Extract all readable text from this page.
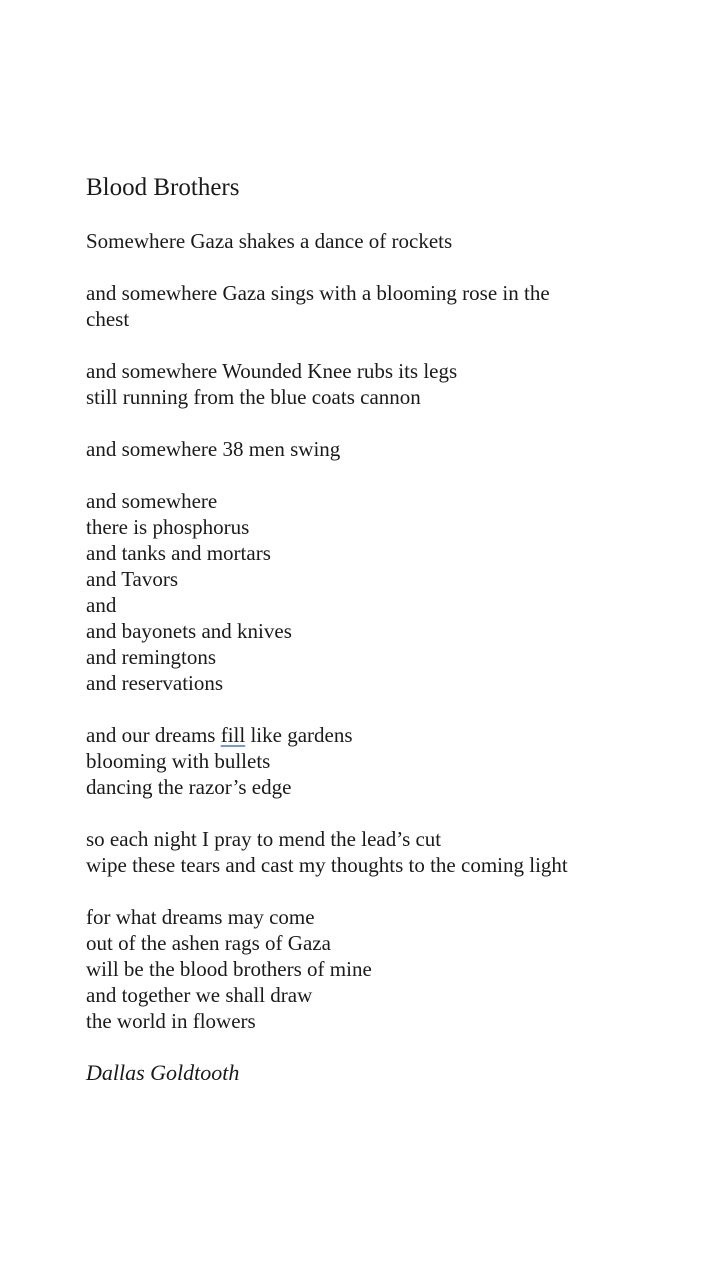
Blood Brothers
Somewhere Gaza shakes a dance of rockets
and somewhere Gaza sings with a blooming rose in the chest
and somewhere Wounded Knee rubs its legs
still running from the blue coats cannon
and somewhere 38 men swing
and somewhere
there is phosphorus
and tanks and mortars
and Tavors
and
and bayonets and knives
and remingtons
and reservations
and our dreams fill like gardens
blooming with bullets
dancing the razor’s edge
so each night I pray to mend the lead’s cut
wipe these tears and cast my thoughts to the coming light
for what dreams may come
out of the ashen rags of Gaza
will be the blood brothers of mine
and together we shall draw
the world in flowers
Dallas Goldtooth
